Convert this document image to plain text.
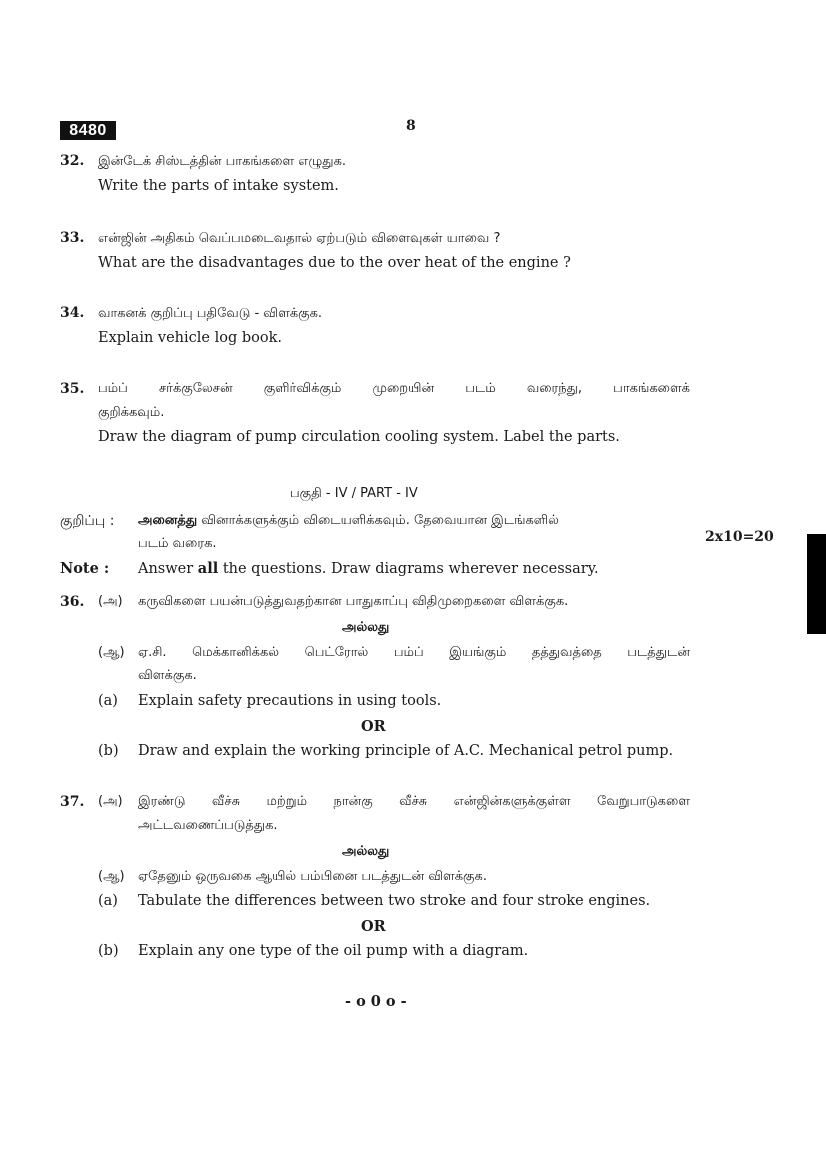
8480	8
32. இன்டேக் சிஸ்டத்தின் பாகங்களை எழுதுக.
Write the parts of intake system.
33. என்ஜின் அதிகம் வெப்பமடைவதால் ஏற்படும் விளைவுகள் யாவை ?
What are the disadvantages due to the over heat of the engine ?
34. வாகனக் குறிப்பு பதிவேடு - விளக்குக.
Explain vehicle log book.
35. பம்ப் சர்க்குலேசன் குளிர்விக்கும் முறையின் படம் வரைந்து, பாகங்களைக்
குறிக்கவும்.
Draw the diagram of pump circulation cooling system. Label the parts.
பகுதி - IV / PART - IV
குறிப்பு : அனைத்து வினாக்களுக்கும் விடையளிக்கவும். தேவையான இடங்களில்
படம் வரைக.	2x10=20
Note : Answer all the questions. Draw diagrams wherever necessary.
36. (அ) கருவிகளை பயன்படுத்துவதற்கான பாதுகாப்பு விதிமுறைகளை விளக்குக.
அல்லது
(ஆ) ஏ.சி. மெக்கானிக்கல் பெட்ரோல் பம்ப் இயங்கும் தத்துவத்தை படத்துடன்
விளக்குக.
(a) Explain safety precautions in using tools.
OR
(b) Draw and explain the working principle of A.C. Mechanical petrol pump.
37. (அ) இரண்டு வீச்சு மற்றும் நான்கு வீச்சு என்ஜின்களுக்குள்ள வேறுபாடுகளை
அட்டவணைப்படுத்துக.
அல்லது
(ஆ) ஏதேனும் ஒருவகை ஆயில் பம்பினை படத்துடன் விளக்குக.
(a) Tabulate the differences between two stroke and four stroke engines.
OR
(b) Explain any one type of the oil pump with a diagram.
- o 0 o -
